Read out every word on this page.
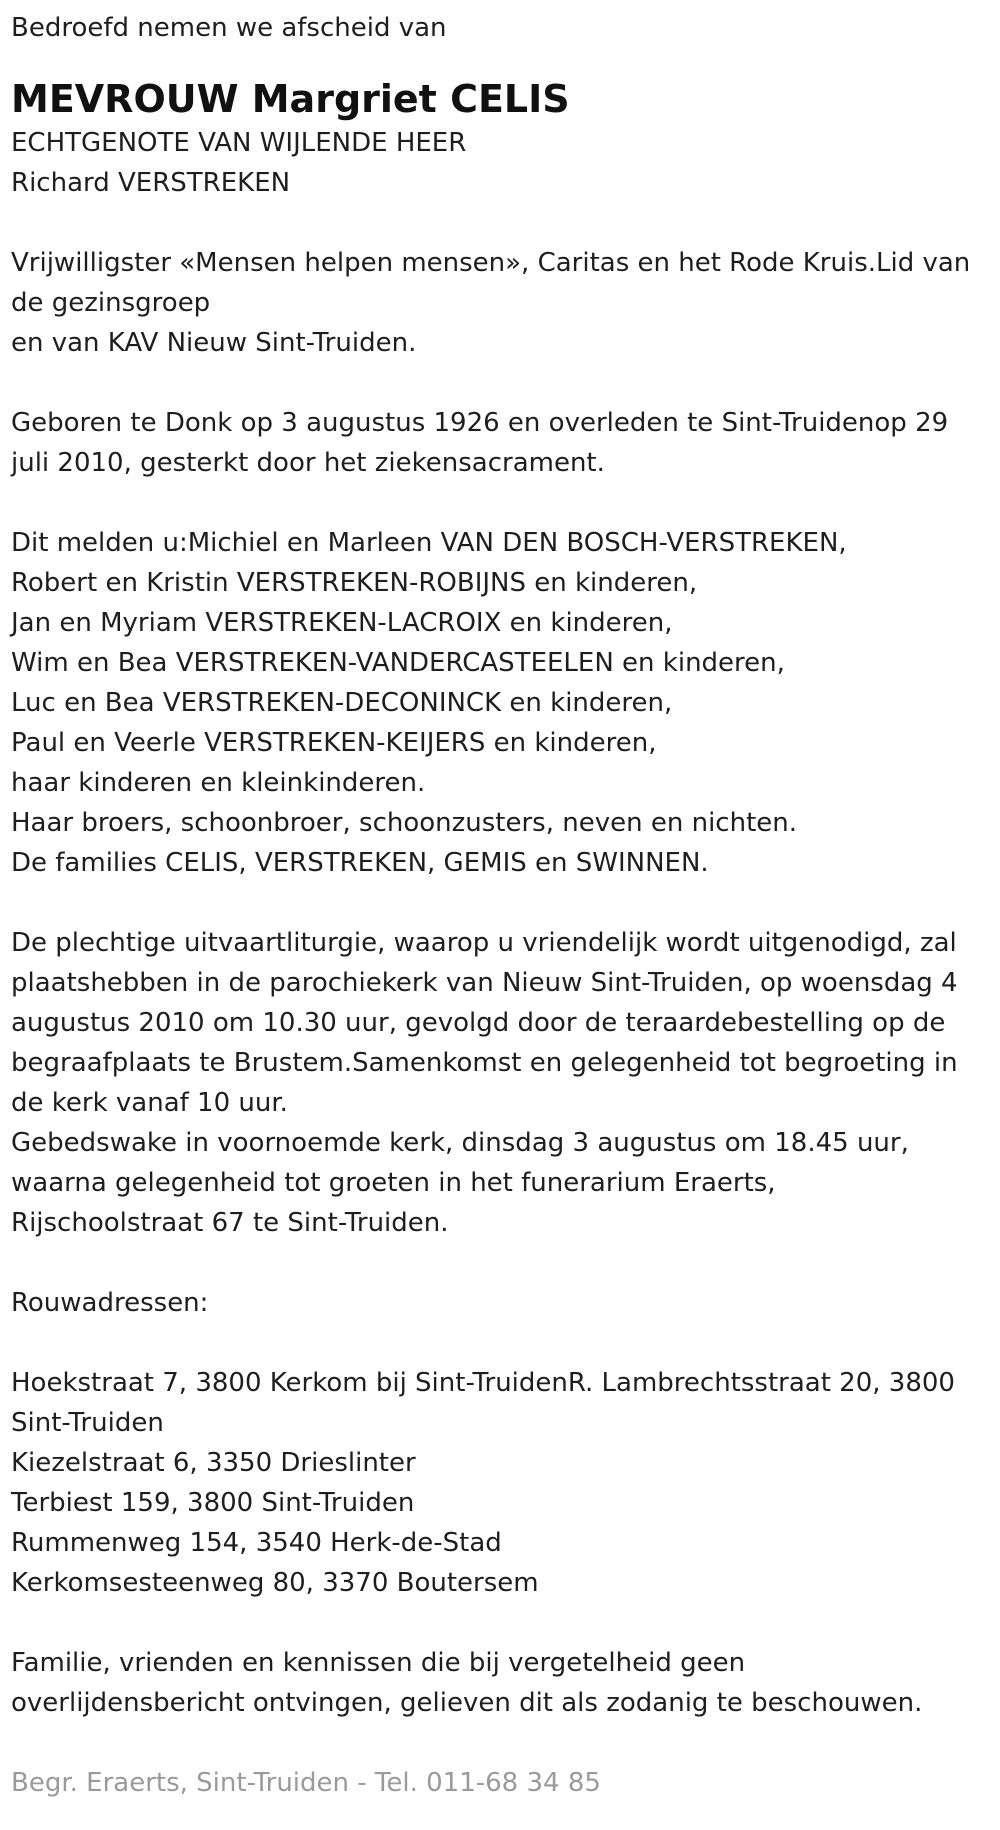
Bedroefd nemen we afscheid van

MEVROUW Margriet CELIS

ECHTGENOTE VAN WIJLENDE HEER

Richard VERSTREKEN

Vrijwilligster «Mensen helpen mensen», Caritas en het Rode Kruis.Lid van

de gezinsgroep

en van KAV Nieuw Sint-Truiden.

Geboren te Donk op 3 augustus 1926 en overleden te Sint-Truidenop 29

juli 2010, gesterkt door het ziekensacrament.

Dit melden u:Michiel en Marleen VAN DEN BOSCH-VERSTREKEN,

Robert en Kristin VERSTREKEN-ROBIJNS en kinderen,

Jan en Myriam VERSTREKEN-LACROIX en kinderen,

Wim en Bea VERSTREKEN-VANDERCASTEELEN en kinderen,

Luc en Bea VERSTREKEN-DECONINCK en kinderen,

Paul en Veerle VERSTREKEN-KEIJERS en kinderen,

haar kinderen en kleinkinderen.

Haar broers, schoonbroer, schoonzusters, neven en nichten.

De families CELIS, VERSTREKEN, GEMIS en SWINNEN.

De plechtige uitvaartliturgie, waarop u vriendelijk wordt uitgenodigd, zal

plaatshebben in de parochiekerk van Nieuw Sint-Truiden, op woensdag 4

augustus 2010 om 10.30 uur, gevolgd door de teraardebestelling op de

begraafplaats te Brustem.Samenkomst en gelegenheid tot begroeting in

de kerk vanaf 10 uur.

Gebedswake in voornoemde kerk, dinsdag 3 augustus om 18.45 uur,

waarna gelegenheid tot groeten in het funerarium Eraerts,

Rijschoolstraat 67 te Sint-Truiden.

Rouwadressen:

Hoekstraat 7, 3800 Kerkom bij Sint-TruidenR. Lambrechtsstraat 20, 3800

Sint-Truiden

Kiezelstraat 6, 3350 Drieslinter

Terbiest 159, 3800 Sint-Truiden

Rummenweg 154, 3540 Herk-de-Stad

Kerkomsesteenweg 80, 3370 Boutersem

Familie, vrienden en kennissen die bij vergetelheid geen

overlijdensbericht ontvingen, gelieven dit als zodanig te beschouwen.

Begr. Eraerts, Sint-Truiden - Tel. 011-68 34 85
